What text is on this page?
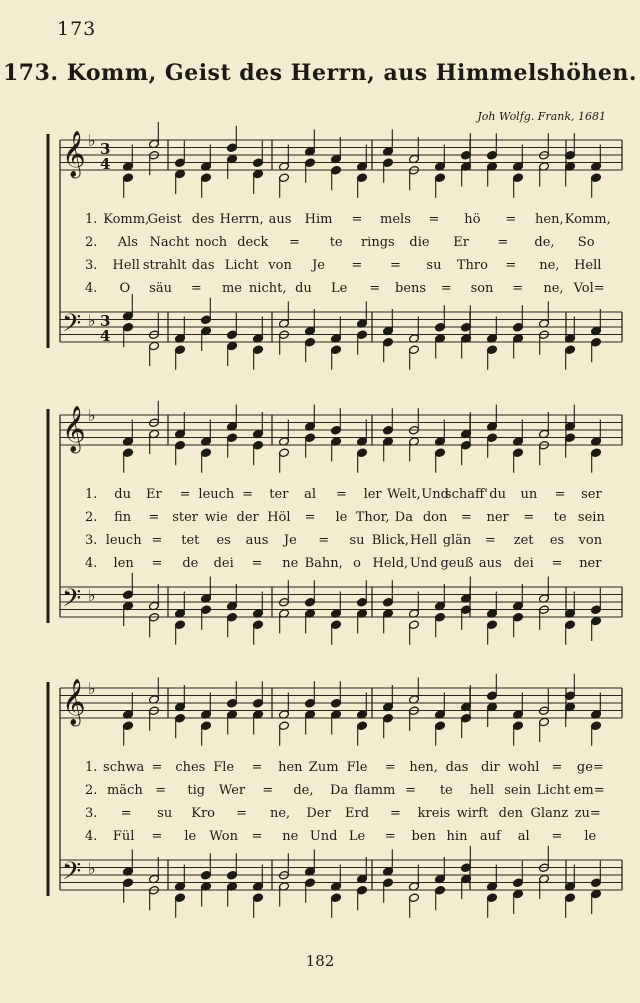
173
173. Komm, Geist des Herrn, aus Himmelshöhen.
Joh Wolfg. Frank, 1681
𝄞 ♭ 3
4
𝄢 ♭ 3
4
1. Komm,
Geist des Herrn, aus Him = mels = hö = hen, Komm,
2. Als Nacht noch deck = te rings die Er = de, So
3. Hell strahlt das Licht von Je = = su Thro = ne, Hell
4. O säu = me nicht, du Le = bens = son = ne, Vol=
𝄞 ♭
𝄢 ♭
1. du Er = leuch = ter al = ler Welt, Und
schaff' du un = ser
2. fin = ster wie der Höl = le Thor, Da don = ner = te sein
3. leuch = tet es aus Je = su Blick, Hell glän = zet es von
4. len = de dei = ne Bahn, o Held, Und geuß aus dei = ner
𝄞 ♭
𝄢 ♭
1. schwa = ches Fle = hen Zum Fle = hen, das dir wohl = ge=
2. mäch = tig Wer = de, Da flamm = te hell sein Licht em=
3. = su Kro = ne, Der Erd = kreis wirft den Glanz zu=
4. Fül = le Won = ne Und Le = ben hin auf al = le
182
